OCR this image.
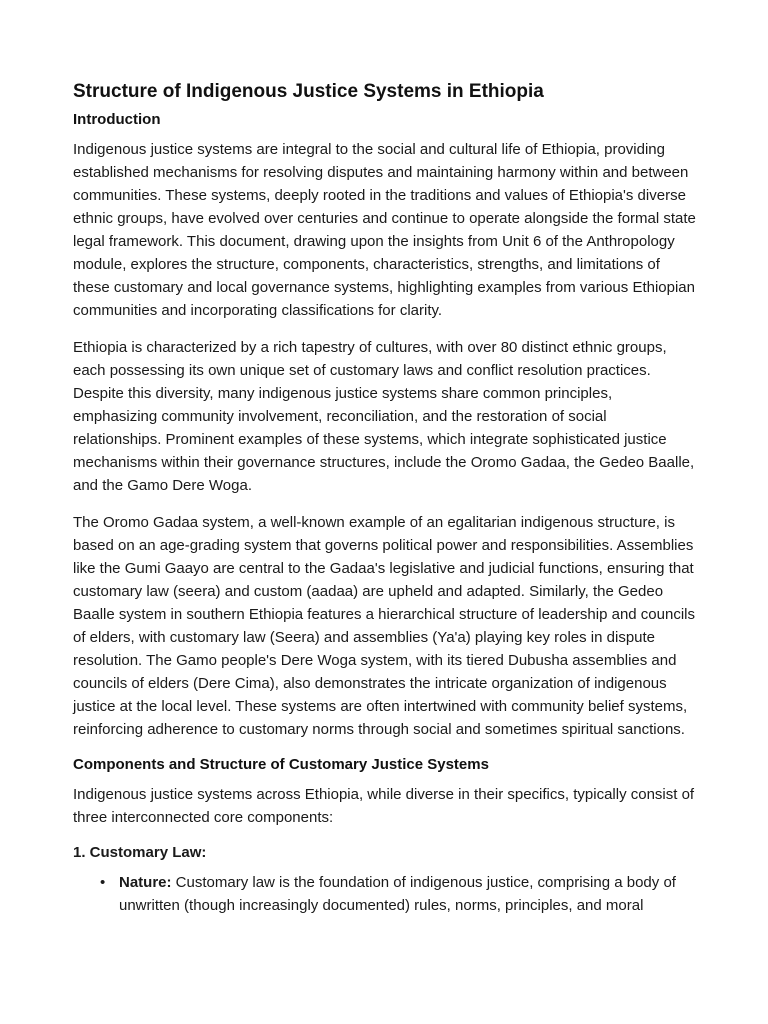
Structure of Indigenous Justice Systems in Ethiopia
Introduction

Indigenous justice systems are integral to the social and cultural life of Ethiopia, providing established mechanisms for resolving disputes and maintaining harmony within and between communities. These systems, deeply rooted in the traditions and values of Ethiopia's diverse ethnic groups, have evolved over centuries and continue to operate alongside the formal state legal framework. This document, drawing upon the insights from Unit 6 of the Anthropology module, explores the structure, components, characteristics, strengths, and limitations of these customary and local governance systems, highlighting examples from various Ethiopian communities and incorporating classifications for clarity.

Ethiopia is characterized by a rich tapestry of cultures, with over 80 distinct ethnic groups, each possessing its own unique set of customary laws and conflict resolution practices. Despite this diversity, many indigenous justice systems share common principles, emphasizing community involvement, reconciliation, and the restoration of social relationships. Prominent examples of these systems, which integrate sophisticated justice mechanisms within their governance structures, include the Oromo Gadaa, the Gedeo Baalle, and the Gamo Dere Woga.

The Oromo Gadaa system, a well-known example of an egalitarian indigenous structure, is based on an age-grading system that governs political power and responsibilities. Assemblies like the Gumi Gaayo are central to the Gadaa's legislative and judicial functions, ensuring that customary law (seera) and custom (aadaa) are upheld and adapted. Similarly, the Gedeo Baalle system in southern Ethiopia features a hierarchical structure of leadership and councils of elders, with customary law (Seera) and assemblies (Ya'a) playing key roles in dispute resolution. The Gamo people's Dere Woga system, with its tiered Dubusha assemblies and councils of elders (Dere Cima), also demonstrates the intricate organization of indigenous justice at the local level. These systems are often intertwined with community belief systems, reinforcing adherence to customary norms through social and sometimes spiritual sanctions.

Components and Structure of Customary Justice Systems

Indigenous justice systems across Ethiopia, while diverse in their specifics, typically consist of three interconnected core components:

1. Customary Law:
• Nature: Customary law is the foundation of indigenous justice, comprising a body of unwritten (though increasingly documented) rules, norms, principles, and moral
